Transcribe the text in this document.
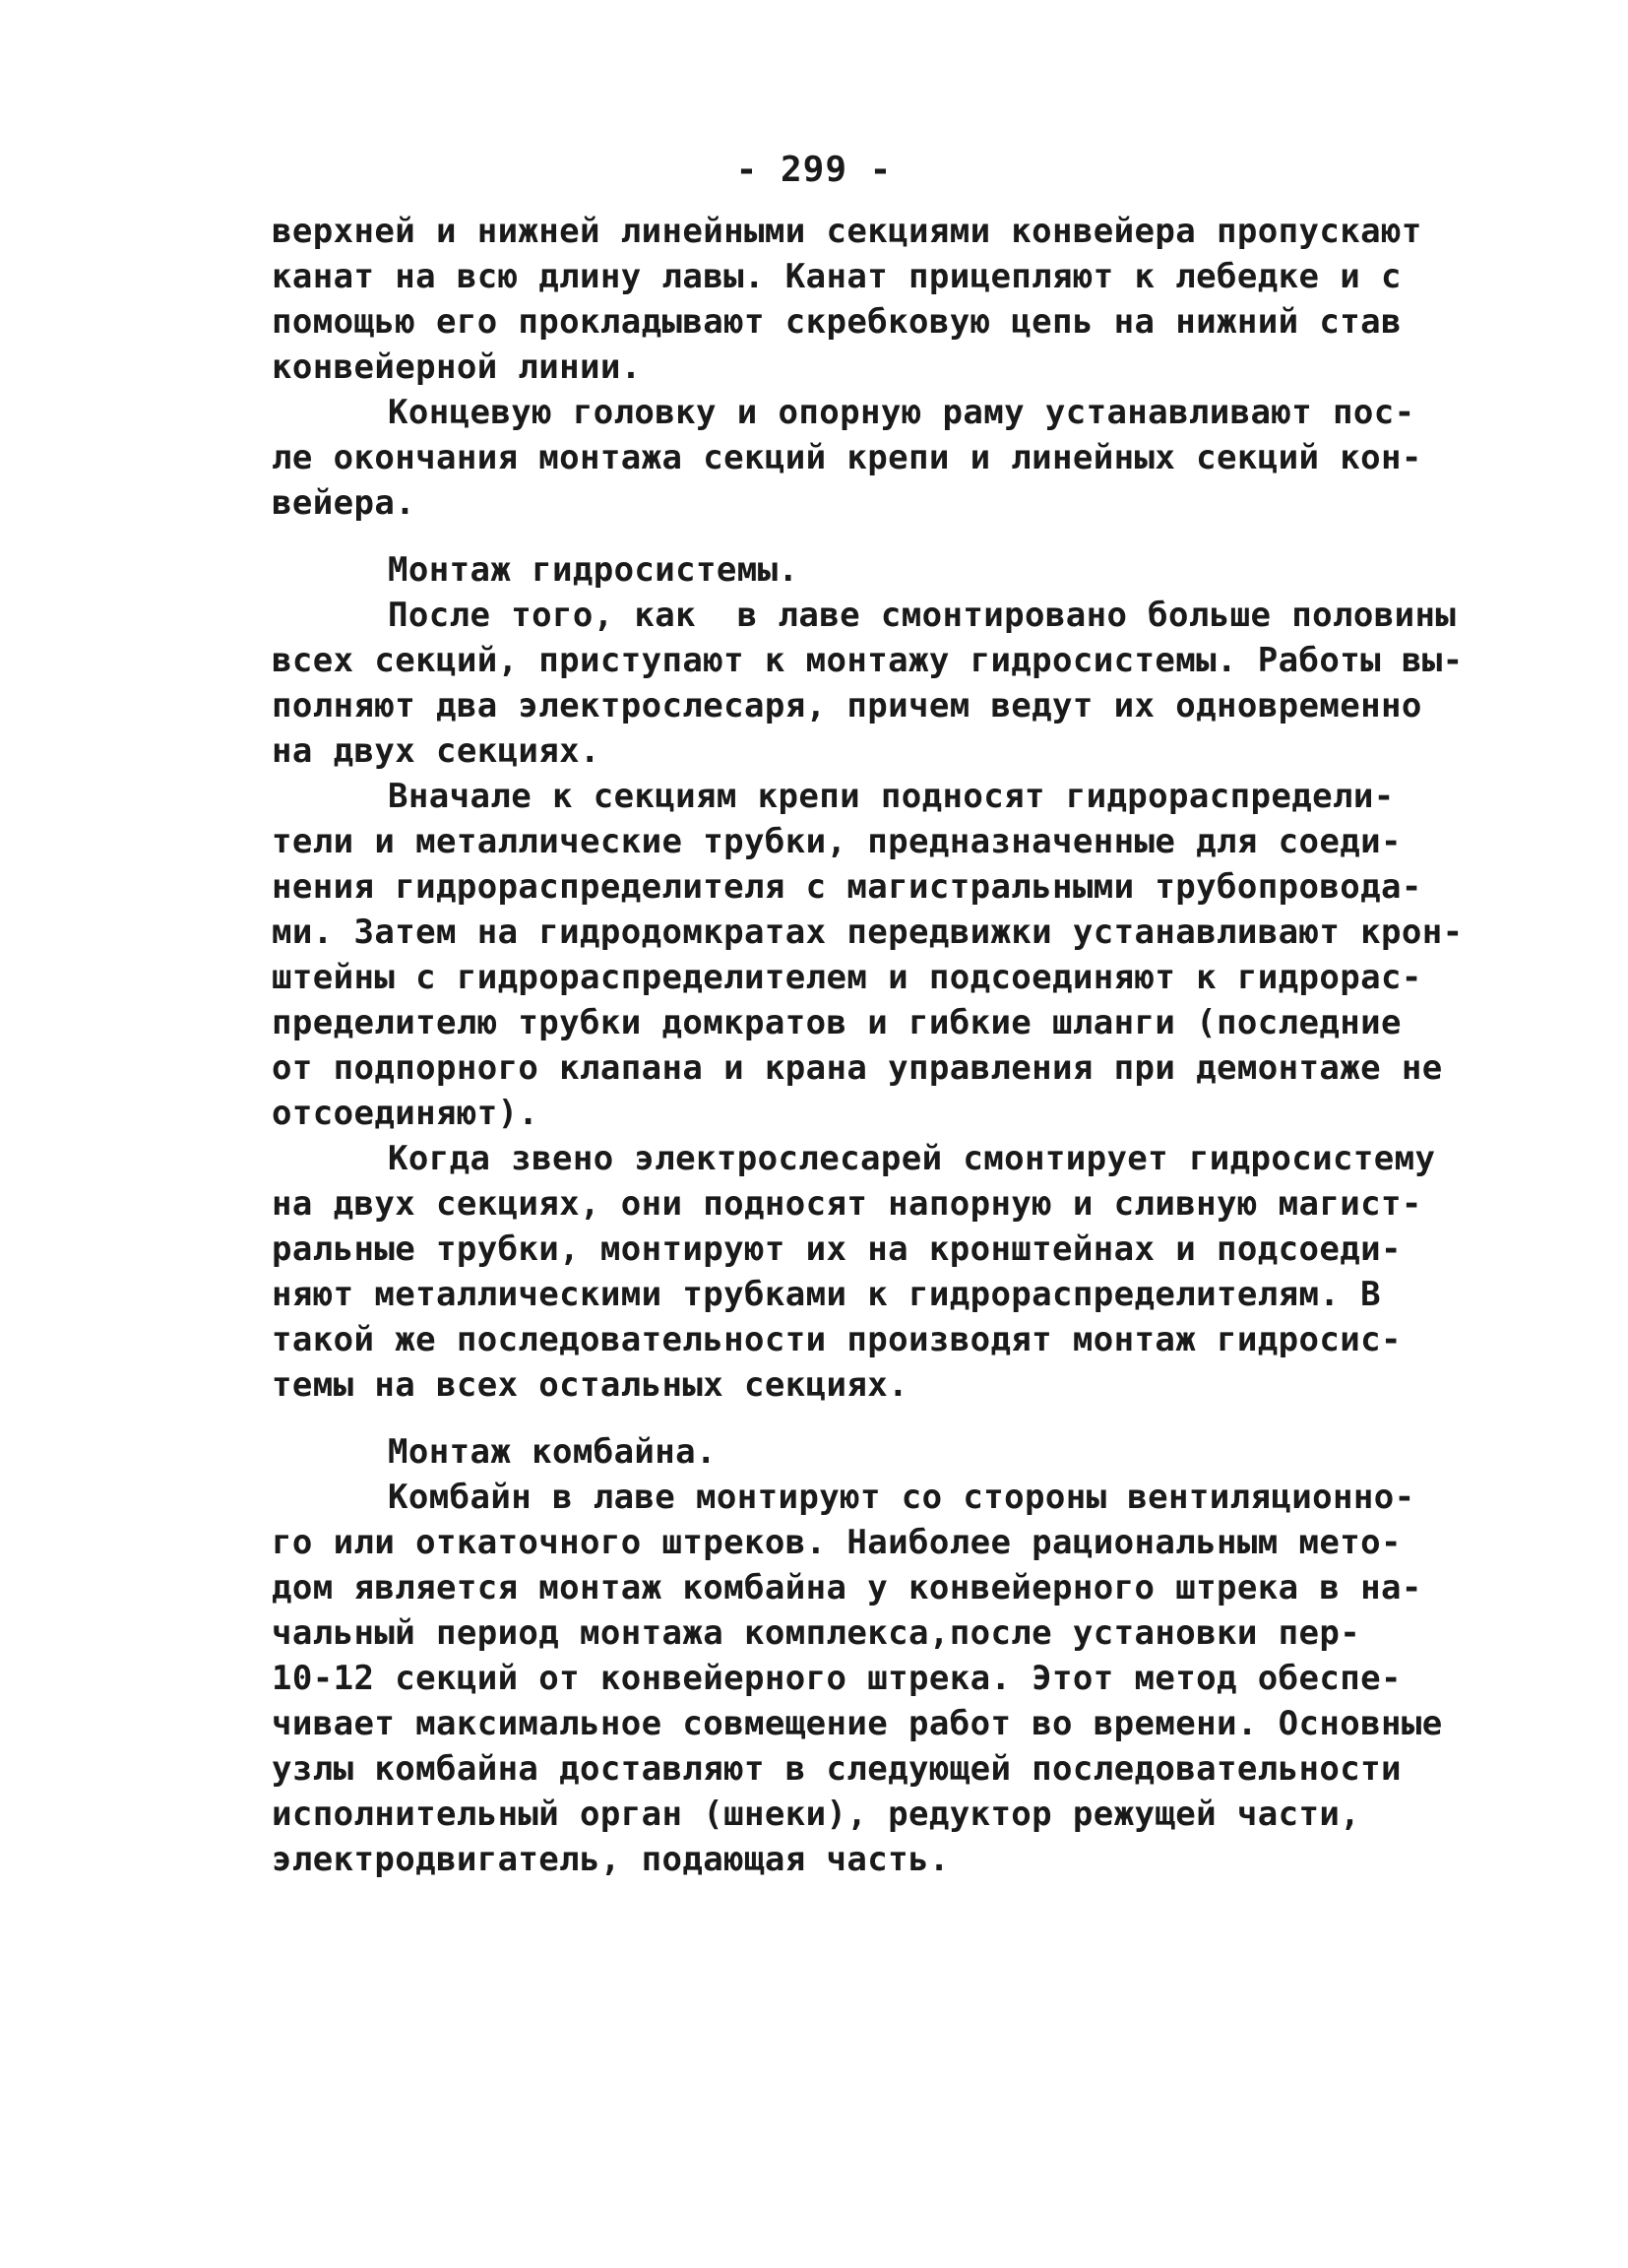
- 299 -
верхней и нижней линейными секциями конвейера пропускают
канат на всю длину лавы. Канат прицепляют к лебедке и с
помощью его прокладывают скребковую цепь на нижний став
конвейерной линии.
Концевую головку и опорную раму устанавливают пос-
ле окончания монтажа секций крепи и линейных секций кон-
вейера.
Монтаж гидросистемы.
После того, как  в лаве смонтировано больше половины
всех секций, приступают к монтажу гидросистемы. Работы вы-
полняют два электрослесаря, причем ведут их одновременно
на двух секциях.
Вначале к секциям крепи подносят гидрораспредели-
тели и металлические трубки, предназначенные для соеди-
нения гидрораспределителя с магистральными трубопровода-
ми. Затем на гидродомкратах передвижки устанавливают крон-
штейны с гидрораспределителем и подсоединяют к гидрорас-
пределителю трубки домкратов и гибкие шланги (последние
от подпорного клапана и крана управления при демонтаже не
отсоединяют).
Когда звено электрослесарей смонтирует гидросистему
на двух секциях, они подносят напорную и сливную магист-
ральные трубки, монтируют их на кронштейнах и подсоеди-
няют металлическими трубками к гидрораспределителям. В
такой же последовательности производят монтаж гидросис-
темы на всех остальных секциях.
Монтаж комбайна.
Комбайн в лаве монтируют со стороны вентиляционно-
го или откаточного штреков. Наиболее рациональным мето-
дом является монтаж комбайна у конвейерного штрека в на-
чальный период монтажа комплекса,после установки пер-
10-12 секций от конвейерного штрека. Этот метод обеспе-
чивает максимальное совмещение работ во времени. Основные
узлы комбайна доставляют в следующей последовательности
исполнительный орган (шнеки), редуктор режущей части,
электродвигатель, подающая часть.
